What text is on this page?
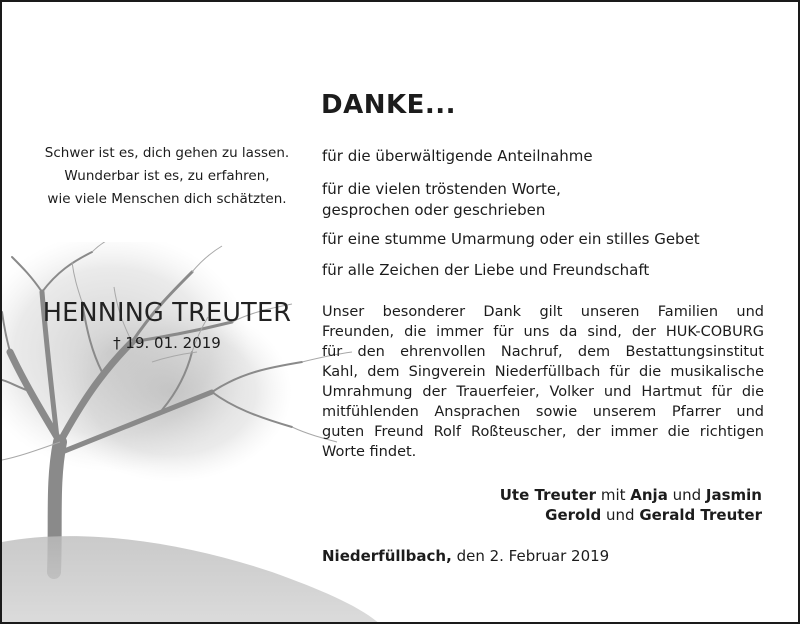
Schwer ist es, dich gehen zu lassen.
Wunderbar ist es, zu erfahren,
wie viele Menschen dich schätzten.
HENNING TREUTER
† 19. 01. 2019
DANKE...
für die überwältigende Anteilnahme
für die vielen tröstenden Worte,
gesprochen oder geschrieben
für eine stumme Umarmung oder ein stilles Gebet
für alle Zeichen der Liebe und Freundschaft
Unser besonderer Dank gilt unseren Familien und
Freunden, die immer für uns da sind, der HUK-COBURG
für den ehrenvollen Nachruf, dem Bestattungsinstitut
Kahl, dem Singverein Niederfüllbach für die musikalische
Umrahmung der Trauerfeier, Volker und Hartmut für die
mitfühlenden Ansprachen sowie unserem Pfarrer und
guten Freund Rolf Roßteuscher, der immer die richtigen
Worte findet.
Ute Treuter mit Anja und Jasmin
Gerold und Gerald Treuter
Niederfüllbach, den 2. Februar 2019
